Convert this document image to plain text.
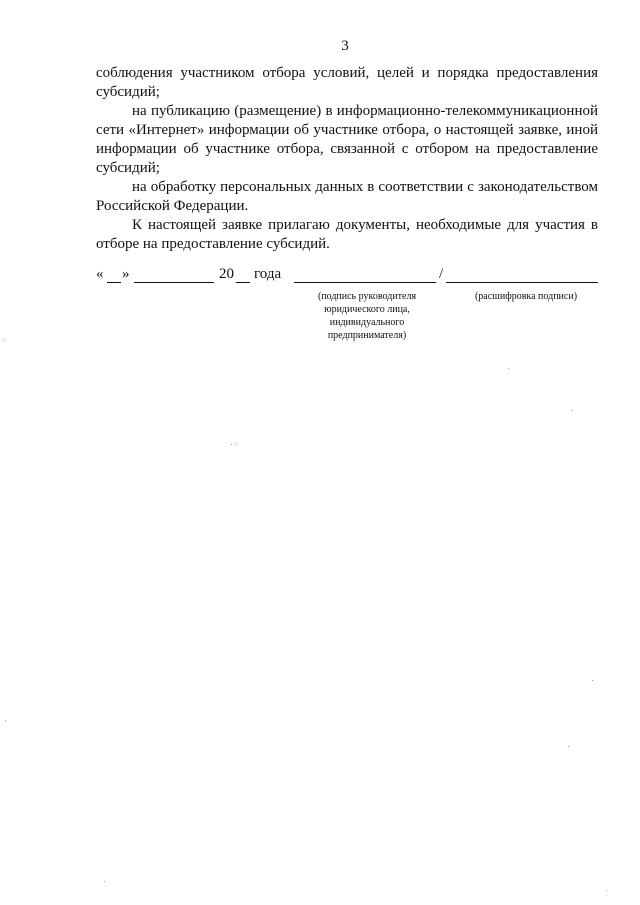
3

соблюдения участником отбора условий, целей и порядка предоставления субсидий;

на публикацию (размещение) в информационно-телекоммуникационной сети «Интернет» информации об участнике отбора, о настоящей заявке, иной информации об участнике отбора, связанной с отбором на предоставление субсидий;

на обработку персональных данных в соответствии с законодательством Российской Федерации.

К настоящей заявке прилагаю документы, необходимые для участия в отборе на предоставление субсидий.

« »	20 года	/
(подпись руководителя юридического лица, индивидуального предпринимателя)
(расшифровка подписи)
